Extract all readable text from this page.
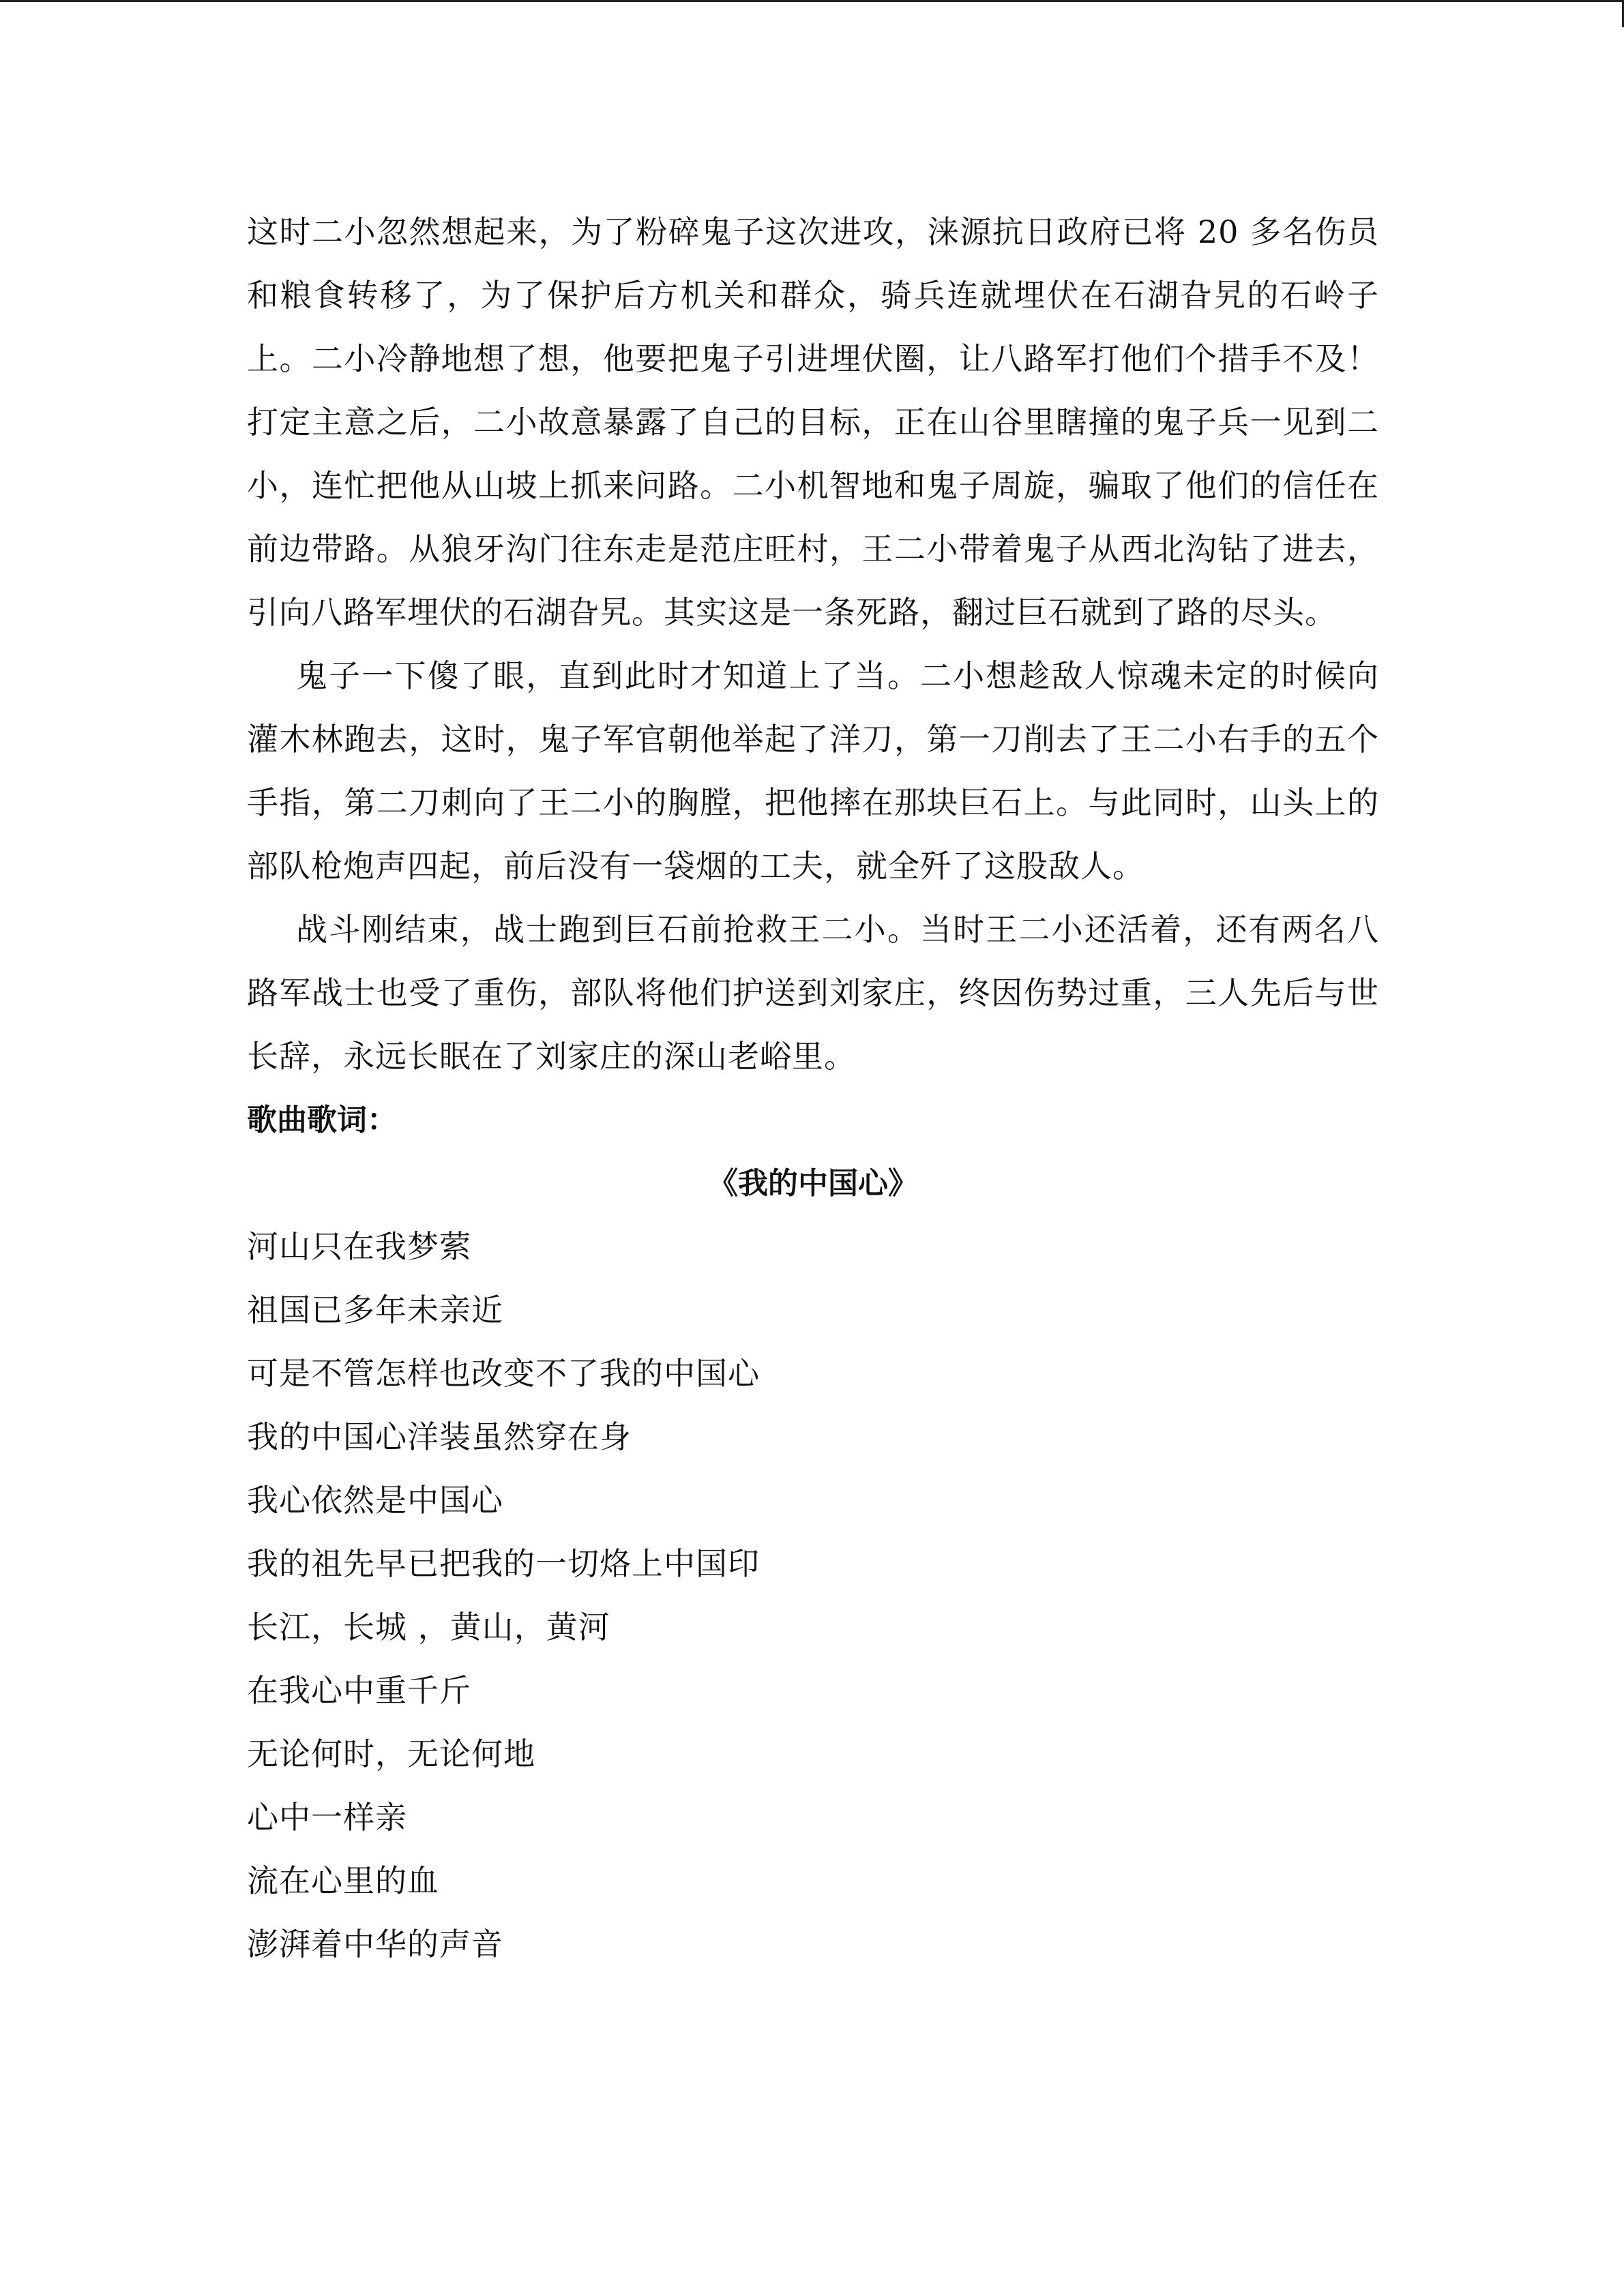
这时二小忽然想起来，为了粉碎鬼子这次进攻，涞源抗日政府已将 20 多名伤员和粮食转移了，为了保护后方机关和群众，骑兵连就埋伏在石湖旮旯的石岭子上。二小冷静地想了想，他要把鬼子引进埋伏圈，让八路军打他们个措手不及！打定主意之后，二小故意暴露了自己的目标，正在山谷里瞎撞的鬼子兵一见到二小，连忙把他从山坡上抓来问路。二小机智地和鬼子周旋，骗取了他们的信任在前边带路。从狼牙沟门往东走是范庄旺村，王二小带着鬼子从西北沟钻了进去，引向八路军埋伏的石湖旮旯。其实这是一条死路，翻过巨石就到了路的尽头。

鬼子一下傻了眼，直到此时才知道上了当。二小想趁敌人惊魂未定的时候向灌木林跑去，这时，鬼子军官朝他举起了洋刀，第一刀削去了王二小右手的五个手指，第二刀刺向了王二小的胸膛，把他摔在那块巨石上。与此同时，山头上的部队枪炮声四起，前后没有一袋烟的工夫，就全歼了这股敌人。

战斗刚结束，战士跑到巨石前抢救王二小。当时王二小还活着，还有两名八路军战士也受了重伤，部队将他们护送到刘家庄，终因伤势过重，三人先后与世长辞，永远长眠在了刘家庄的深山老峪里。

歌曲歌词：

《我的中国心》

河山只在我梦萦

祖国已多年未亲近

可是不管怎样也改变不了我的中国心

我的中国心洋装虽然穿在身

我心依然是中国心

我的祖先早已把我的一切烙上中国印

长江，长城 ，黄山，黄河

在我心中重千斤

无论何时，无论何地

心中一样亲

流在心里的血

澎湃着中华的声音
